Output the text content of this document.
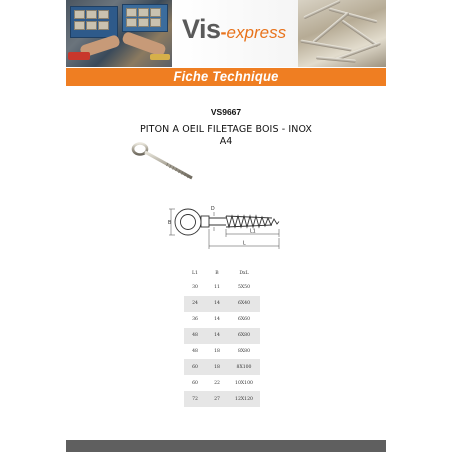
Vis-express
Fiche Technique
VS9667
PITON A OEIL FILETAGE BOIS - INOX
A4
B
D
L1
L
L1	B	DxL
30	11	5X50
24	14	6X40
36	14	6X60
48	14	6X80
48	18	8X80
60	18	8X100
60	22	10X100
72	27	12X120
